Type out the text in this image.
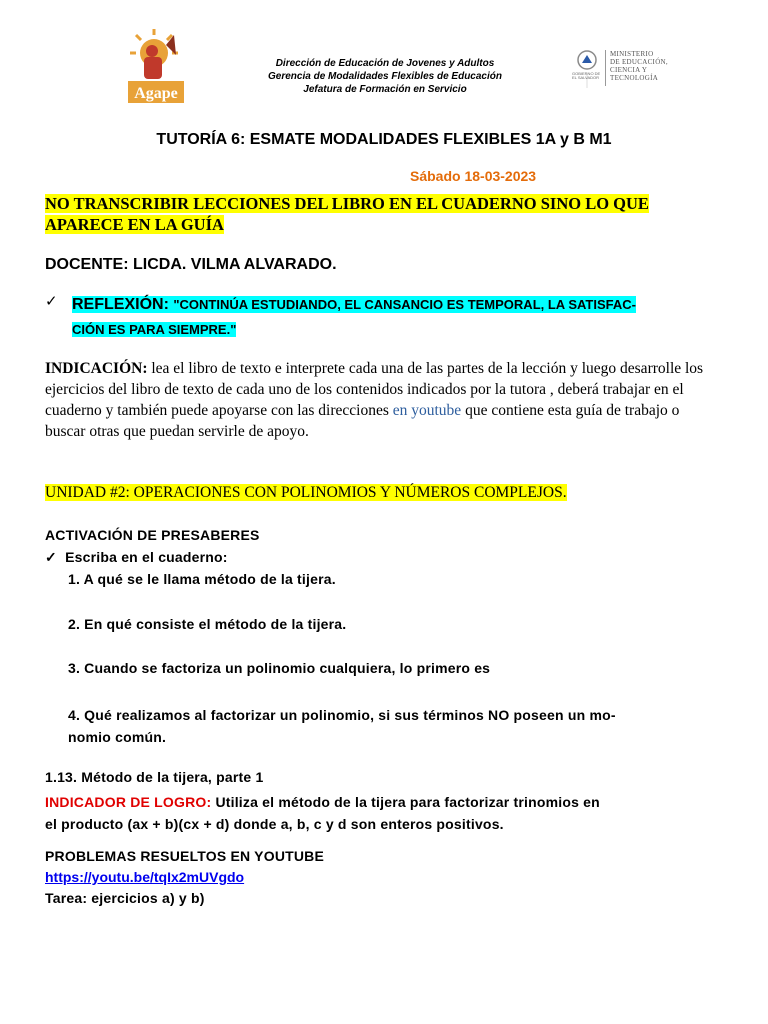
Agape
Dirección de Educación de Jovenes y Adultos
Gerencia de Modalidades Flexibles de Educación
Jefatura de Formación en Servicio
GOBIERNO DE EL SALVADOR
MINISTERIO
DE EDUCACIÓN,
CIENCIA Y
TECNOLOGÍA
TUTORÍA 6: ESMATE MODALIDADES FLEXIBLES 1A y B M1
Sábado 18-03-2023
NO TRANSCRIBIR LECCIONES DEL LIBRO EN EL CUADERNO SINO LO QUE
APARECE EN LA GUÍA
DOCENTE: LICDA. VILMA ALVARADO.
✓ REFLEXIÓN: "CONTINÚA ESTUDIANDO, EL CANSANCIO ES TEMPORAL, LA SATISFAC-
CIÓN ES PARA SIEMPRE."
INDICACIÓN: lea el libro de texto e interprete cada una de las partes de la lección y luego desarrolle los ejercicios del libro de texto de cada uno de los contenidos indicados por la tutora , deberá trabajar en el cuaderno y también puede apoyarse con las direcciones en youtube que contiene esta guía de trabajo o buscar otras que puedan servirle de apoyo.
UNIDAD #2: OPERACIONES CON POLINOMIOS Y NÚMEROS COMPLEJOS.
ACTIVACIÓN DE PRESABERES
✓ Escriba en el cuaderno:
1. A qué se le llama método de la tijera.
2. En qué consiste el método de la tijera.
3. Cuando se factoriza un polinomio cualquiera, lo primero es
4. Qué realizamos al factorizar un polinomio, si sus términos NO poseen un mo-
nomio común.
1.13. Método de la tijera, parte 1
INDICADOR DE LOGRO: Utiliza el método de la tijera para factorizar trinomios en
el producto (ax + b)(cx + d) donde a, b, c y d son enteros positivos.
PROBLEMAS RESUELTOS EN YOUTUBE
https://youtu.be/tqIx2mUVgdo
Tarea: ejercicios a) y b)
